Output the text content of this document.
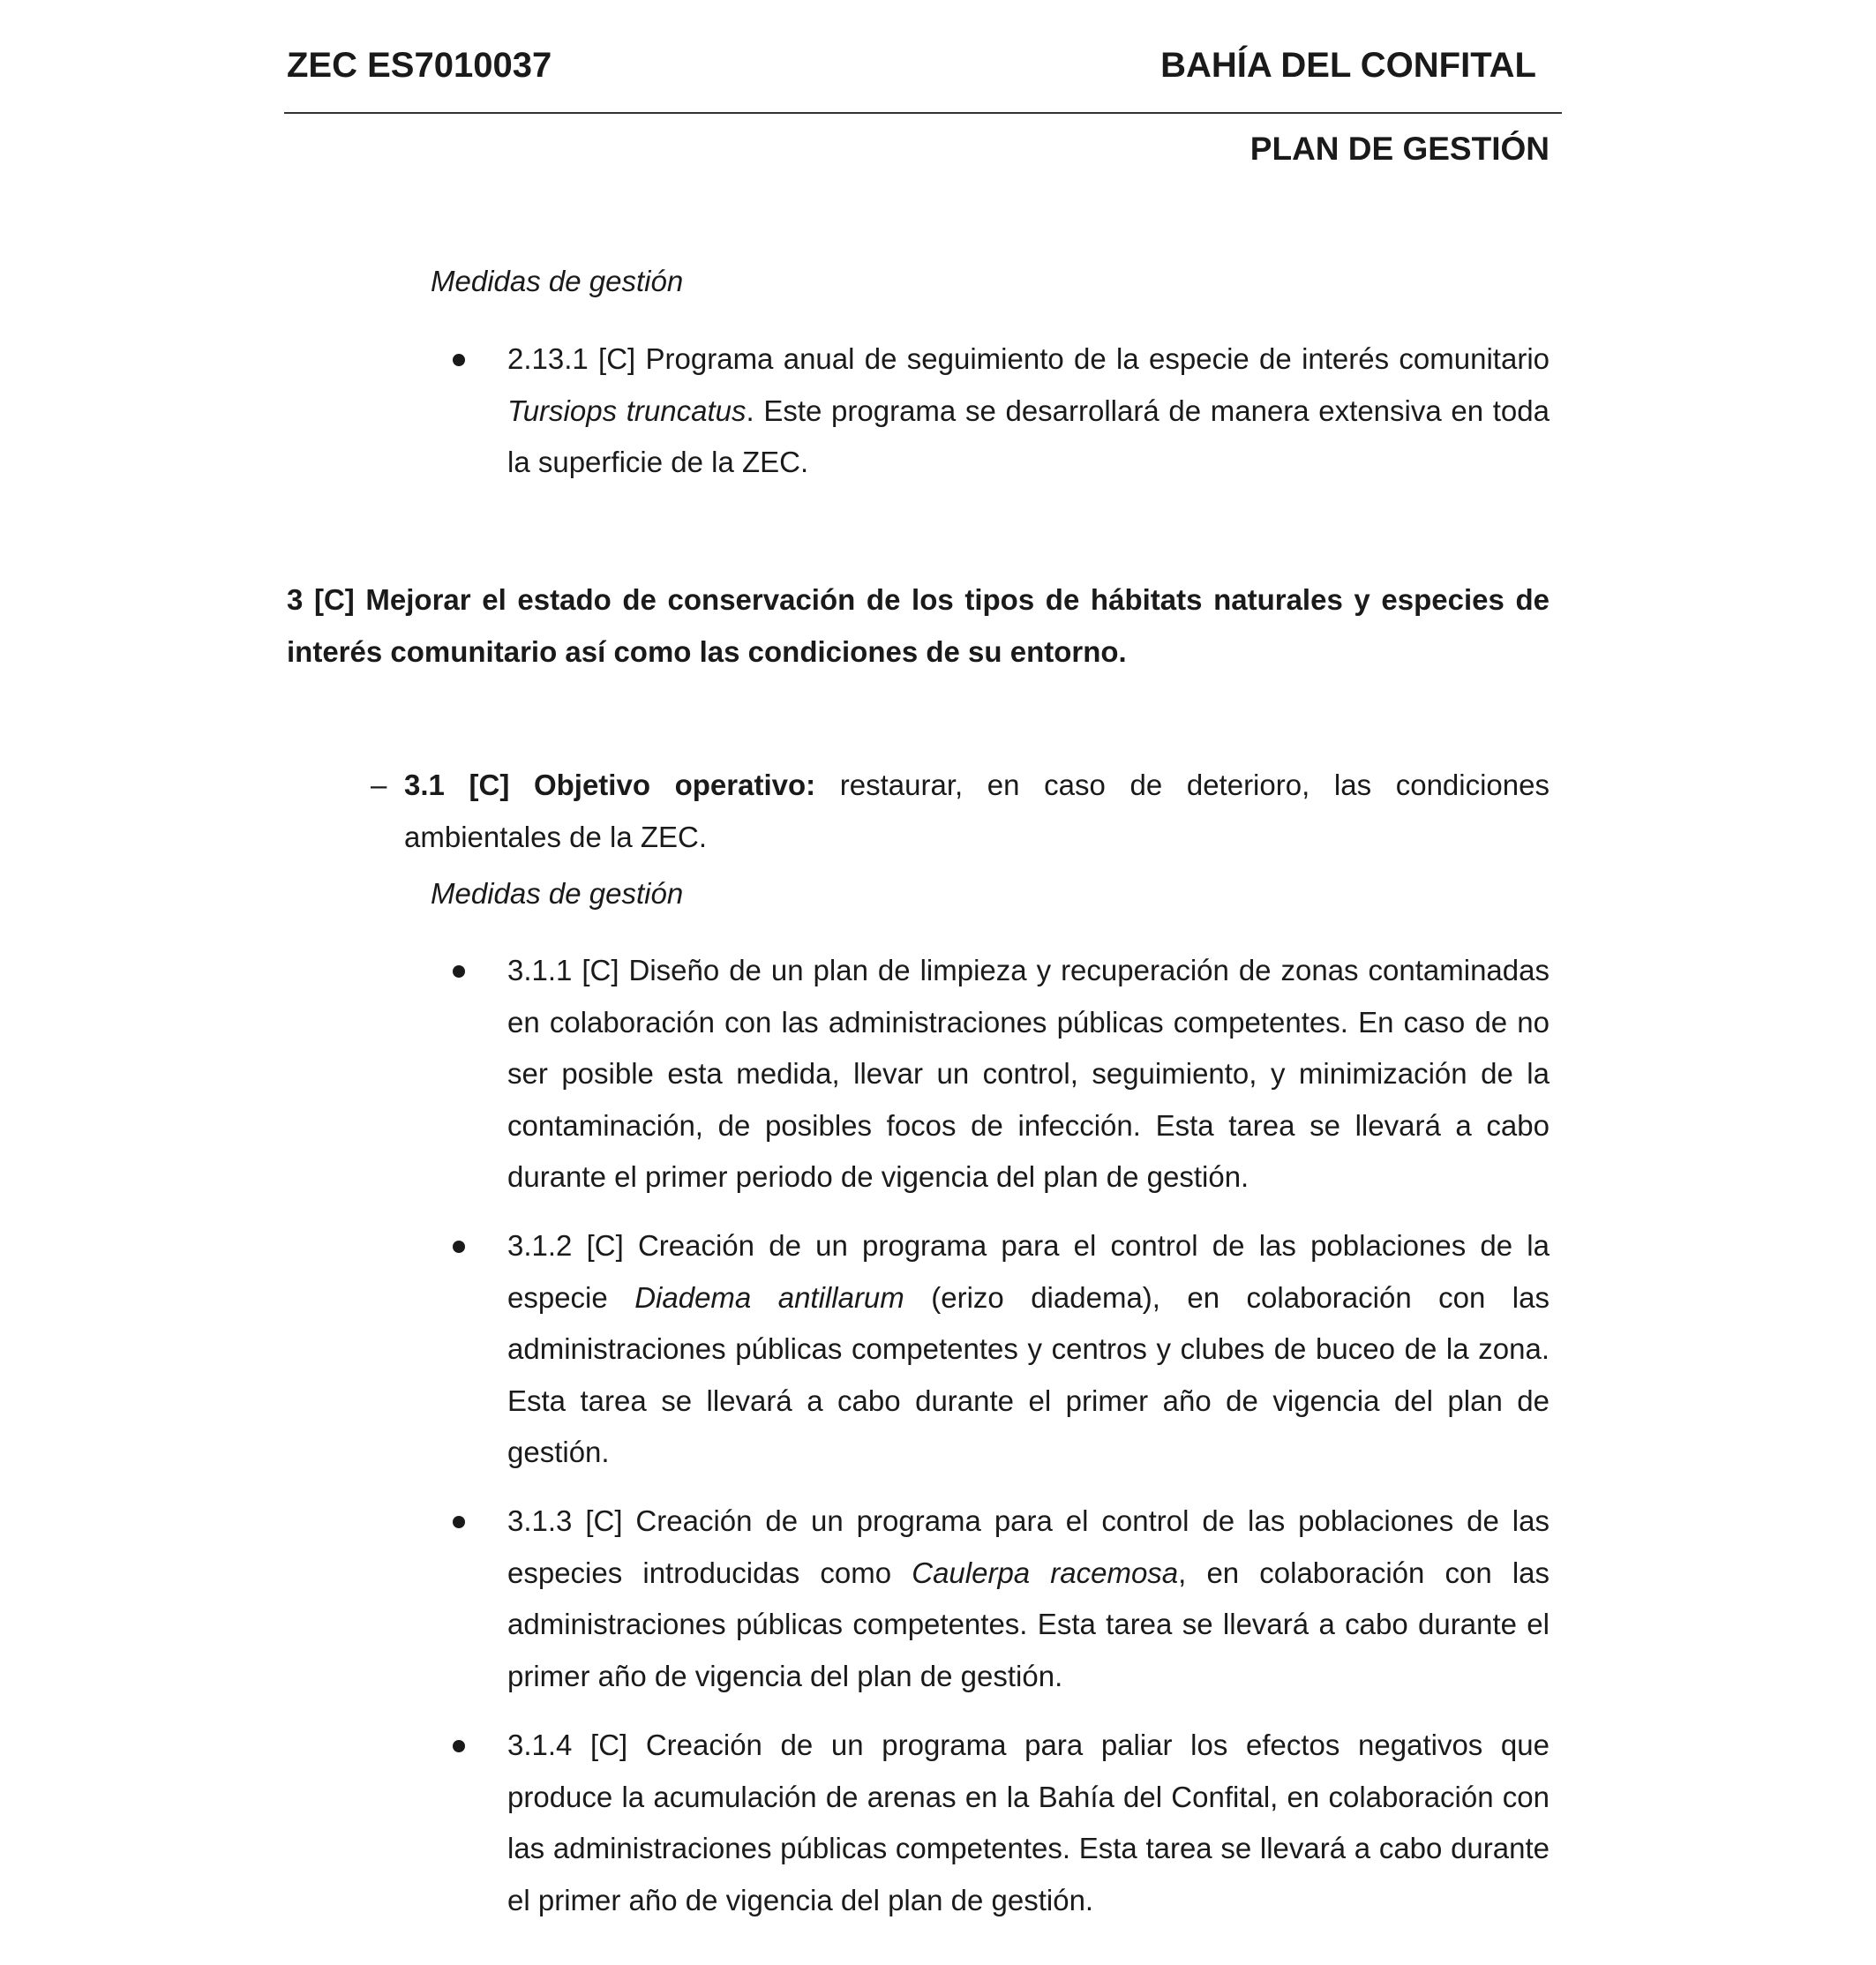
ZEC ES7010037	BAHÍA DEL CONFITAL
PLAN DE GESTIÓN
Medidas de gestión
2.13.1 [C] Programa anual de seguimiento de la especie de interés comunitario Tursiops truncatus. Este programa se desarrollará de manera extensiva en toda la superficie de la ZEC.
3 [C] Mejorar el estado de conservación de los tipos de hábitats naturales y especies de interés comunitario así como las condiciones de su entorno.
– 3.1 [C] Objetivo operativo: restaurar, en caso de deterioro, las condiciones ambientales de la ZEC.
Medidas de gestión
3.1.1 [C] Diseño de un plan de limpieza y recuperación de zonas contaminadas en colaboración con las administraciones públicas competentes. En caso de no ser posible esta medida, llevar un control, seguimiento, y minimización de la contaminación, de posibles focos de infección. Esta tarea se llevará a cabo durante el primer periodo de vigencia del plan de gestión.
3.1.2 [C] Creación de un programa para el control de las poblaciones de la especie Diadema antillarum (erizo diadema), en colaboración con las administraciones públicas competentes y centros y clubes de buceo de la zona. Esta tarea se llevará a cabo durante el primer año de vigencia del plan de gestión.
3.1.3 [C] Creación de un programa para el control de las poblaciones de las especies introducidas como Caulerpa racemosa, en colaboración con las administraciones públicas competentes. Esta tarea se llevará a cabo durante el primer año de vigencia del plan de gestión.
3.1.4 [C] Creación de un programa para paliar los efectos negativos que produce la acumulación de arenas en la Bahía del Confital, en colaboración con las administraciones públicas competentes. Esta tarea se llevará a cabo durante el primer año de vigencia del plan de gestión.
